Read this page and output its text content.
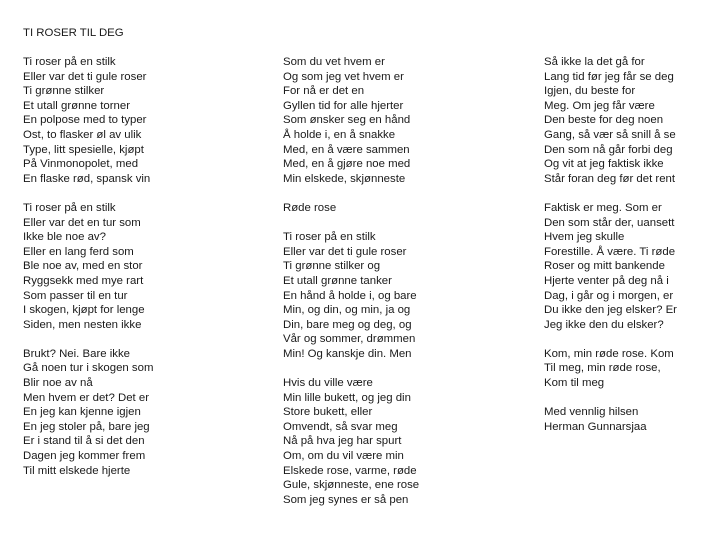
TI ROSER TIL DEG
Ti roser på en stilk
Eller var det ti gule roser
Ti grønne stilker
Et utall grønne torner
En polpose med to typer
Ost, to flasker øl av ulik
Type, litt spesielle, kjøpt
På Vinmonopolet, med
En flaske rød, spansk vin
Ti roser på en stilk
Eller var det en tur som
Ikke ble noe av?
Eller en lang ferd som
Ble noe av, med en stor
Ryggsekk med mye rart
Som passer til en tur
I skogen, kjøpt for lenge
Siden, men nesten ikke
Brukt? Nei. Bare ikke
Gå noen tur i skogen som
Blir noe av nå
Men hvem er det? Det er
En jeg kan kjenne igjen
En jeg stoler på, bare jeg
Er i stand til å si det den
Dagen jeg kommer frem
Til mitt elskede hjerte
Som du vet hvem er
Og som jeg vet hvem er
For nå er det en
Gyllen tid for alle hjerter
Som ønsker seg en hånd
Å holde i, en å snakke
Med, en å være sammen
Med, en å gjøre noe med
Min elskede, skjønneste
Røde rose
Ti roser på en stilk
Eller var det ti gule roser
Ti grønne stilker og
Et utall grønne tanker
En hånd å holde i, og bare
Min, og din, og min, ja og
Din, bare meg og deg, og
Vår og sommer, drømmen
Min! Og kanskje din. Men
Hvis du ville være
Min lille bukett, og jeg din
Store bukett, eller
Omvendt, så svar meg
Nå på hva jeg har spurt
Om, om du vil være min
Elskede rose, varme, røde
Gule, skjønneste, ene rose
Som jeg synes er så pen
Så ikke la det gå for
Lang tid før jeg får se deg
Igjen, du beste for
Meg. Om jeg får være
Den beste for deg noen
Gang, så vær så snill å se
Den som nå går forbi deg
Og vit at jeg faktisk ikke
Står foran deg før det rent
Faktisk er meg. Som er
Den som står der, uansett
Hvem jeg skulle
Forestille. Å være. Ti røde
Roser og mitt bankende
Hjerte venter på deg nå i
Dag, i går og i morgen, er
Du ikke den jeg elsker? Er
Jeg ikke den du elsker?
Kom, min røde rose. Kom
Til meg, min røde rose,
Kom til meg
Med vennlig hilsen
Herman Gunnarsjaa
